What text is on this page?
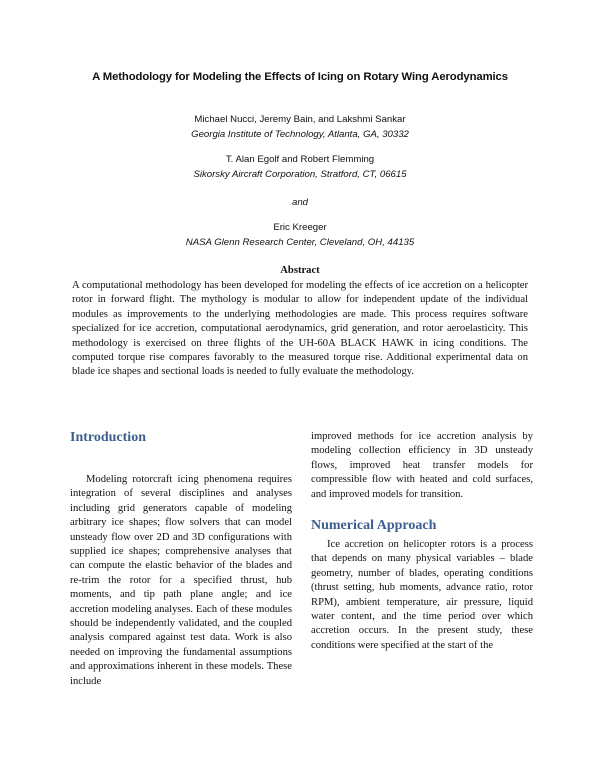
A Methodology for Modeling the Effects of Icing on Rotary Wing Aerodynamics
Michael Nucci, Jeremy Bain, and Lakshmi Sankar
Georgia Institute of Technology, Atlanta, GA, 30332
T. Alan Egolf and Robert Flemming
Sikorsky Aircraft Corporation, Stratford, CT, 06615
and
Eric Kreeger
NASA Glenn Research Center, Cleveland, OH, 44135
Abstract

A computational methodology has been developed for modeling the effects of ice accretion on a helicopter rotor in forward flight. The mythology is modular to allow for independent update of the individual modules as improvements to the underlying methodologies are made. This process requires software specialized for ice accretion, computational aerodynamics, grid generation, and rotor aeroelasticity. This methodology is exercised on three flights of the UH-60A BLACK HAWK in icing conditions. The computed torque rise compares favorably to the measured torque rise. Additional experimental data on blade ice shapes and sectional loads is needed to fully evaluate the methodology.

Introduction

Modeling rotorcraft icing phenomena requires integration of several disciplines and analyses including grid generators capable of modeling arbitrary ice shapes; flow solvers that can model unsteady flow over 2D and 3D configurations with supplied ice shapes; comprehensive analyses that can compute the elastic behavior of the blades and re-trim the rotor for a specified thrust, hub moments, and tip path plane angle; and ice accretion modeling analyses. Each of these modules should be independently validated, and the coupled analysis compared against test data. Work is also needed on improving the fundamental assumptions and approximations inherent in these models. These include

improved methods for ice accretion analysis by modeling collection efficiency in 3D unsteady flows, improved heat transfer models for compressible flow with heated and cold surfaces, and improved models for transition.

Numerical Approach

Ice accretion on helicopter rotors is a process that depends on many physical variables – blade geometry, number of blades, operating conditions (thrust setting, hub moments, advance ratio, rotor RPM), ambient temperature, air pressure, liquid water content, and the time period over which accretion occurs. In the present study, these conditions were specified at the start of the
